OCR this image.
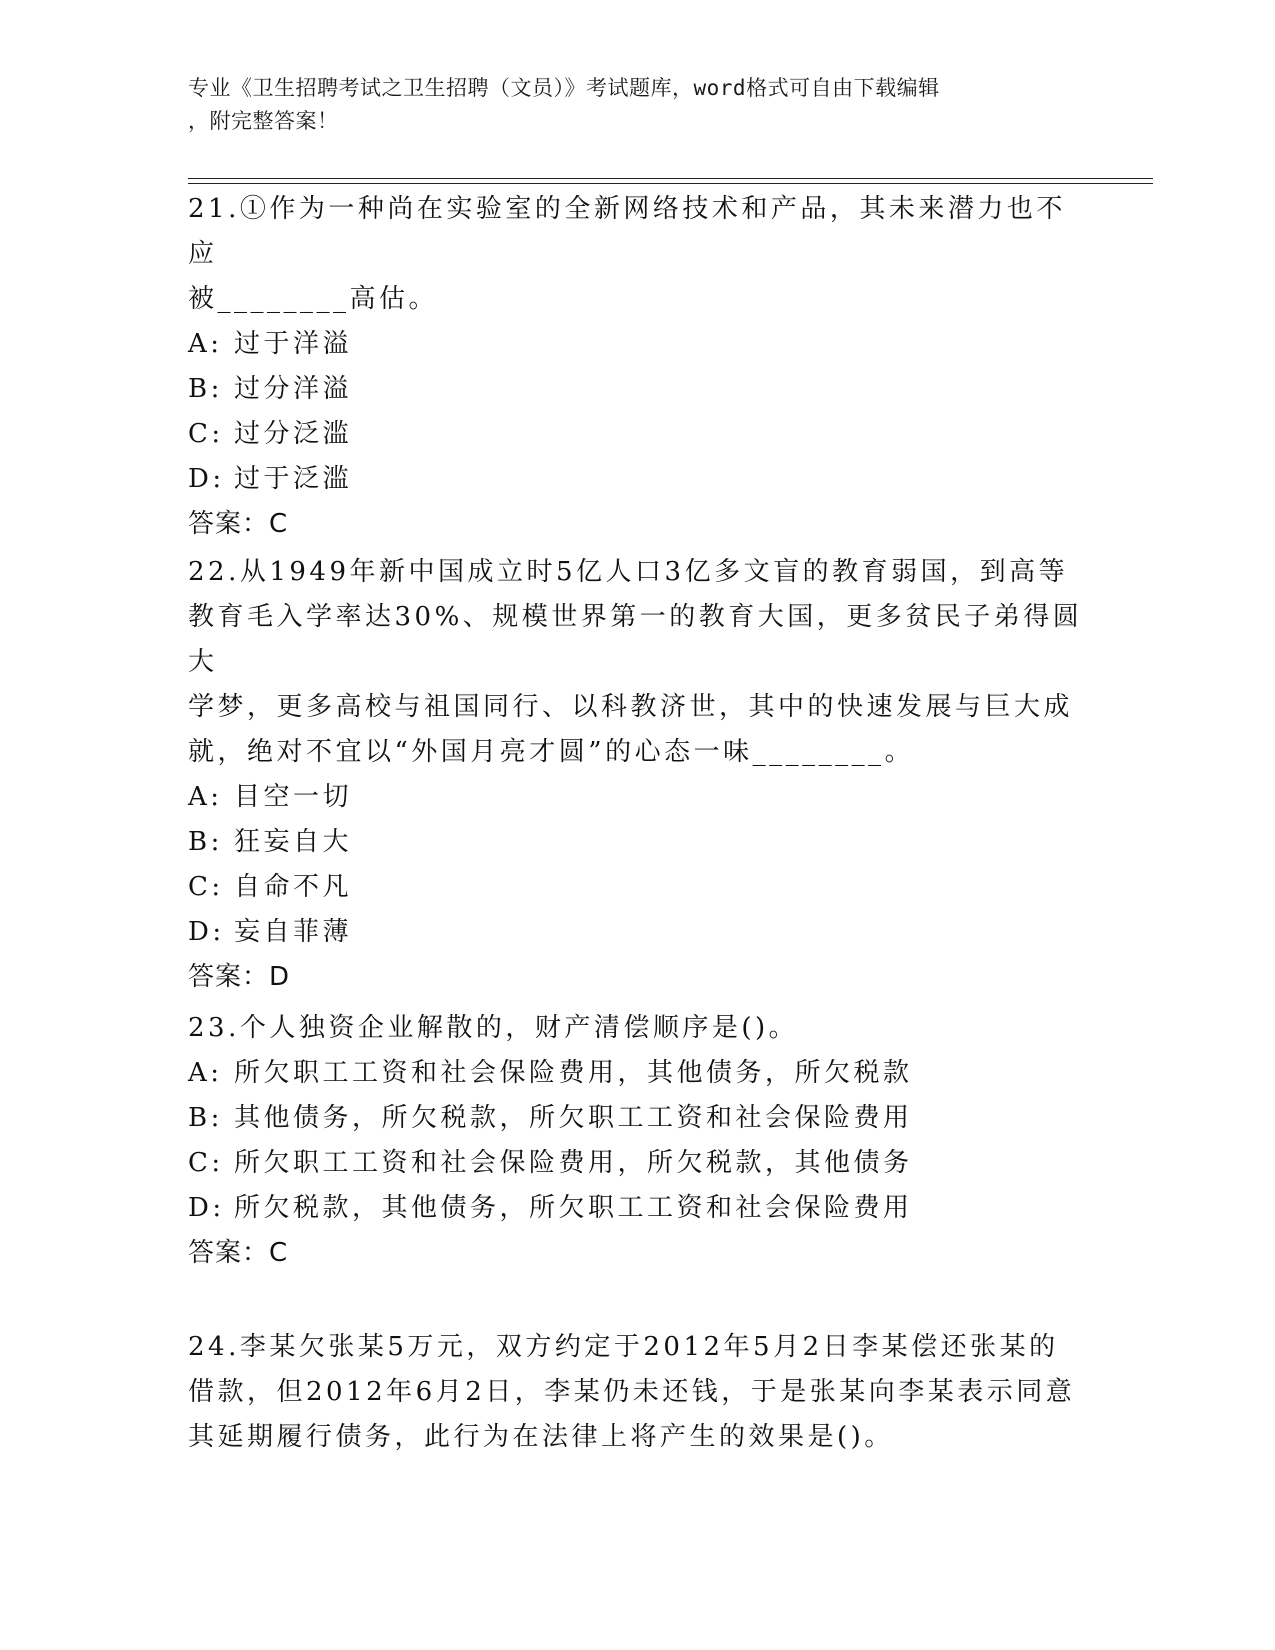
专业《卫生招聘考试之卫生招聘（文员）》考试题库，word格式可自由下载编辑
，附完整答案！

21.①作为一种尚在实验室的全新网络技术和产品，其未来潜力也不应

被________高估。

A: 过于洋溢

B: 过分洋溢

C: 过分泛滥

D: 过于泛滥

答案：C

22.从1949年新中国成立时5亿人口3亿多文盲的教育弱国，到高等

教育毛入学率达30%、规模世界第一的教育大国，更多贫民子弟得圆大

学梦，更多高校与祖国同行、以科教济世，其中的快速发展与巨大成

就，绝对不宜以“外国月亮才圆”的心态一味________。

A: 目空一切

B: 狂妄自大

C: 自命不凡

D: 妄自菲薄

答案：D

23.个人独资企业解散的，财产清偿顺序是()。

A: 所欠职工工资和社会保险费用，其他债务，所欠税款

B: 其他债务，所欠税款，所欠职工工资和社会保险费用

C: 所欠职工工资和社会保险费用，所欠税款，其他债务

D: 所欠税款，其他债务，所欠职工工资和社会保险费用

答案：C

24.李某欠张某5万元，双方约定于2012年5月2日李某偿还张某的

借款，但2012年6月2日，李某仍未还钱，于是张某向李某表示同意

其延期履行债务，此行为在法律上将产生的效果是()。
